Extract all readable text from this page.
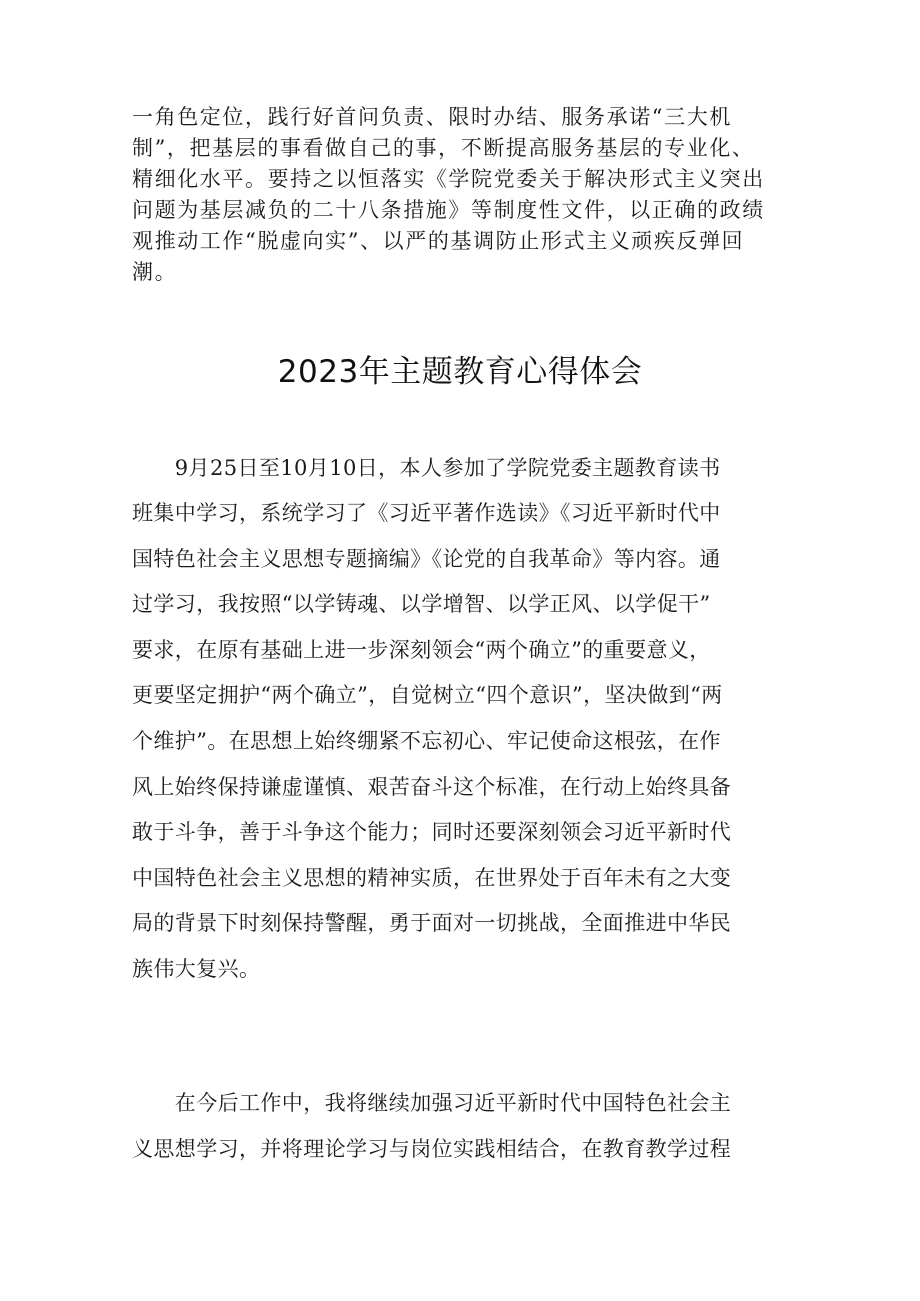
一角色定位，践行好首问负责、限时办结、服务承诺“三大机
制”，把基层的事看做自己的事，不断提高服务基层的专业化、
精细化水平。要持之以恒落实《学院党委关于解决形式主义突出
问题为基层减负的二十八条措施》等制度性文件，以正确的政绩
观推动工作“脱虚向实”、以严的基调防止形式主义顽疾反弹回
潮。
2023年主题教育心得体会
　　9月25日至10月10日，本人参加了学院党委主题教育读书
班集中学习，系统学习了《习近平著作选读》《习近平新时代中
国特色社会主义思想专题摘编》《论党的自我革命》等内容。通
过学习，我按照“以学铸魂、以学增智、以学正风、以学促干”
要求，在原有基础上进一步深刻领会“两个确立”的重要意义，
更要坚定拥护“两个确立”，自觉树立“四个意识”，坚决做到“两
个维护”。在思想上始终绷紧不忘初心、牢记使命这根弦，在作
风上始终保持谦虚谨慎、艰苦奋斗这个标准，在行动上始终具备
敢于斗争，善于斗争这个能力；同时还要深刻领会习近平新时代
中国特色社会主义思想的精神实质，在世界处于百年未有之大变
局的背景下时刻保持警醒，勇于面对一切挑战，全面推进中华民
族伟大复兴。
　　在今后工作中，我将继续加强习近平新时代中国特色社会主
义思想学习，并将理论学习与岗位实践相结合，在教育教学过程
